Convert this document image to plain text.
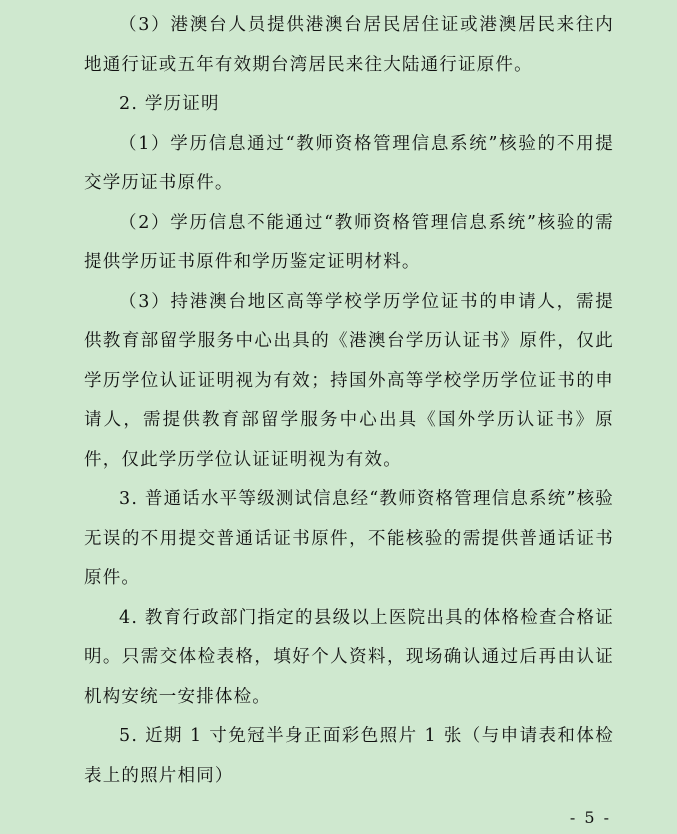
（3）港澳台人员提供港澳台居民居住证或港澳居民来往内地通行证或五年有效期台湾居民来往大陆通行证原件。

2. 学历证明

（1）学历信息通过“教师资格管理信息系统”核验的不用提交学历证书原件。

（2）学历信息不能通过“教师资格管理信息系统”核验的需提供学历证书原件和学历鉴定证明材料。

（3）持港澳台地区高等学校学历学位证书的申请人，需提供教育部留学服务中心出具的《港澳台学历认证书》原件，仅此学历学位认证证明视为有效；持国外高等学校学历学位证书的申请人，需提供教育部留学服务中心出具《国外学历认证书》原件，仅此学历学位认证证明视为有效。

3. 普通话水平等级测试信息经“教师资格管理信息系统”核验无误的不用提交普通话证书原件，不能核验的需提供普通话证书原件。

4. 教育行政部门指定的县级以上医院出具的体格检查合格证明。只需交体检表格，填好个人资料，现场确认通过后再由认证机构安统一安排体检。

5. 近期 1 寸免冠半身正面彩色照片 1 张（与申请表和体检表上的照片相同）

- 5 -
